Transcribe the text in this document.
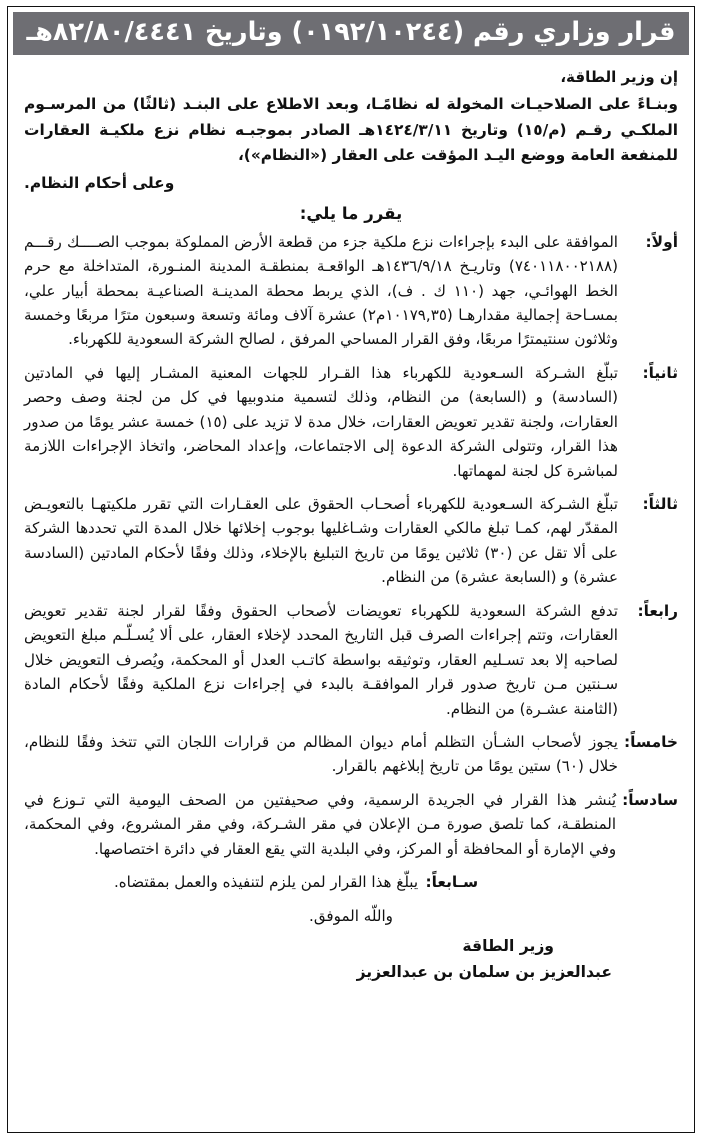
قرار وزاري رقم (٤٤٢٠١/٢٩١٠) وتاريخ ١٤٤٤/٠٨/٢٨هـ

إن وزير الطاقة،

وبنـاءً على الصلاحيـات المخولة له نظامًـا، وبعد الاطلاع على البنـد (ثالثًا) من المرسـوم الملكـي رقـم (م/١٥) وتاريخ ١٤٢٤/٣/١١هـ الصادر بموجبـه نظام نزع ملكيـة العقارات للمنفعة العامة ووضع اليـد المؤقت على العقار («النظام»)،

وعلى أحكام النظام.

يقرر ما يلي:

أولاً:
الموافقة على البدء بإجراءات نزع ملكية جزء من قطعة الأرض المملوكة بموجب الصــــك رقـــم (٧٤٠١١٨٠٠٢١٨٨) وتاريـخ ١٤٣٦/٩/١٨هـ الواقعـة بمنطقـة المدينة المنـورة، المتداخلة مع حرم الخط الهوائـي، جهد (١١٠ ك . ف)، الذي يربط محطة المدينـة الصناعيـة بمحطة أبيار علي، بمسـاحة إجمالية مقدارهـا (١٠١٧٩,٣٥م٢) عشرة آلاف ومائة وتسعة وسبعون مترًا مربعًا وخمسة وثلاثون سنتيمترًا مربعًا، وفق القرار المساحي المرفق ، لصالح الشركة السعودية للكهرباء.
ثانياً:
تبلّغ الشـركة السـعودية للكهرباء هذا القـرار للجهات المعنية المشـار إليها في المادتين (السادسة) و (السابعة) من النظام، وذلك لتسمية مندوبيها في كل من لجنة وصف وحصر العقارات، ولجنة تقدير تعويض العقارات، خلال مدة لا تزيد على (١٥) خمسة عشر يومًا من صدور هذا القرار، وتتولى الشركة الدعوة إلى الاجتماعات، وإعداد المحاضر، واتخاذ الإجراءات اللازمة لمباشرة كل لجنة لمهماتها.
ثالثاً:
تبلّغ الشـركة السـعودية للكهرباء أصحـاب الحقوق على العقـارات التي تقرر ملكيتهـا بالتعويـض المقدّر لهم، كمـا تبلغ مالكي العقارات وشـاغليها بوجوب إخلائها خلال المدة التي تحددها الشركة على ألا تقل عن (٣٠) ثلاثين يومًا من تاريخ التبليغ بالإخلاء، وذلك وفقًا لأحكام المادتين (السادسة عشرة) و (السابعة عشرة) من النظام.
رابعاً:
تدفع الشركة السعودية للكهرباء تعويضات لأصحاب الحقوق وفقًا لقرار لجنة تقدير تعويض العقارات، وتتم إجراءات الصرف قبل التاريخ المحدد لإخلاء العقار، على ألا يُسـلّـم مبلغ التعويض لصاحبه إلا بعد تسـليم العقار، وتوثيقه بواسطة كاتـب العدل أو المحكمة، ويُصرف التعويض خلال سـنتين مـن تاريخ صدور قرار الموافقـة بالبدء في إجراءات نزع الملكية وفقًا لأحكام المادة (الثامنة عشـرة) من النظام.
خامساً:
يجوز لأصحاب الشـأن التظلم أمام ديوان المظالم من قرارات اللجان التي تتخذ وفقًا للنظام، خلال (٦٠) ستين يومًا من تاريخ إبلاغهم بالقرار.
سادساً:
يُنشر هذا القرار في الجريدة الرسمية، وفي صحيفتين من الصحف اليومية التي تـوزع في المنطقـة، كما تلصق صورة مـن الإعلان في مقر الشـركة، وفي مقر المشروع، وفي المحكمة، وفي الإمارة أو المحافظة أو المركز، وفي البلدية التي يقع العقار في دائرة اختصاصها.
سـابعاً:
يبلّغ هذا القرار لمن يلزم لتنفيذه والعمل بمقتضاه.

واللّه الموفق.

وزير الطاقة

عبدالعزيز بن سلمان بن عبدالعزيز
